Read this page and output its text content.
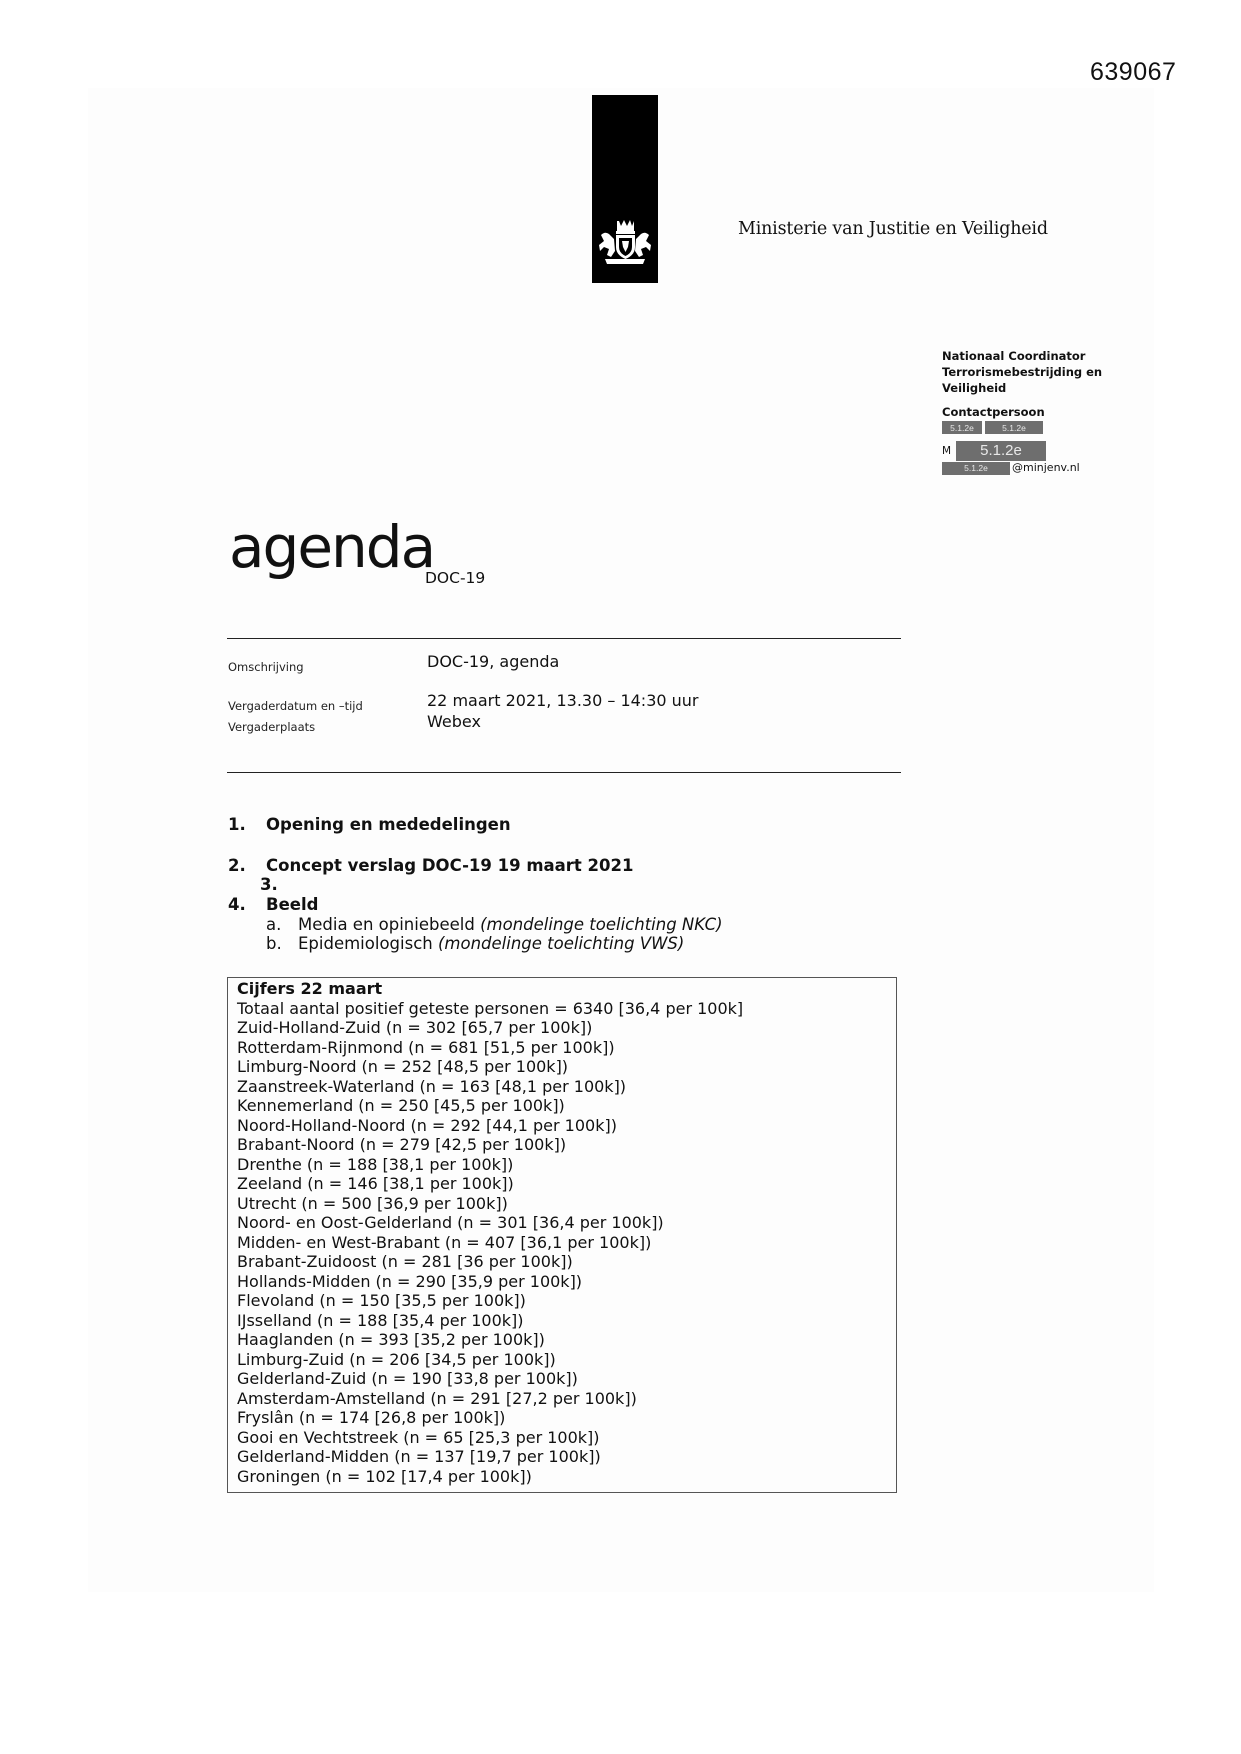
639067
Ministerie van Justitie en Veiligheid
Nationaal Coordinator
Terrorismebestrijding en
Veiligheid
Contactpersoon
5.1.2e	5.1.2e
M	5.1.2e
5.1.2e	@minjenv.nl
agenda
DOC-19
Omschrijving	DOC-19, agenda
Vergaderdatum en –tijd	22 maart 2021, 13.30 – 14:30 uur
Vergaderplaats	Webex
1. Opening en mededelingen
2. Concept verslag DOC-19 19 maart 2021
3.
4. Beeld
a. Media en opiniebeeld (mondelinge toelichting NKC)
b. Epidemiologisch (mondelinge toelichting VWS)
Cijfers 22 maart
Totaal aantal positief geteste personen = 6340 [36,4 per 100k]
Zuid-Holland-Zuid (n = 302 [65,7 per 100k])
Rotterdam-Rijnmond (n = 681 [51,5 per 100k])
Limburg-Noord (n = 252 [48,5 per 100k])
Zaanstreek-Waterland (n = 163 [48,1 per 100k])
Kennemerland (n = 250 [45,5 per 100k])
Noord-Holland-Noord (n = 292 [44,1 per 100k])
Brabant-Noord (n = 279 [42,5 per 100k])
Drenthe (n = 188 [38,1 per 100k])
Zeeland (n = 146 [38,1 per 100k])
Utrecht (n = 500 [36,9 per 100k])
Noord- en Oost-Gelderland (n = 301 [36,4 per 100k])
Midden- en West-Brabant (n = 407 [36,1 per 100k])
Brabant-Zuidoost (n = 281 [36 per 100k])
Hollands-Midden (n = 290 [35,9 per 100k])
Flevoland (n = 150 [35,5 per 100k])
IJsselland (n = 188 [35,4 per 100k])
Haaglanden (n = 393 [35,2 per 100k])
Limburg-Zuid (n = 206 [34,5 per 100k])
Gelderland-Zuid (n = 190 [33,8 per 100k])
Amsterdam-Amstelland (n = 291 [27,2 per 100k])
Fryslân (n = 174 [26,8 per 100k])
Gooi en Vechtstreek (n = 65 [25,3 per 100k])
Gelderland-Midden (n = 137 [19,7 per 100k])
Groningen (n = 102 [17,4 per 100k])
